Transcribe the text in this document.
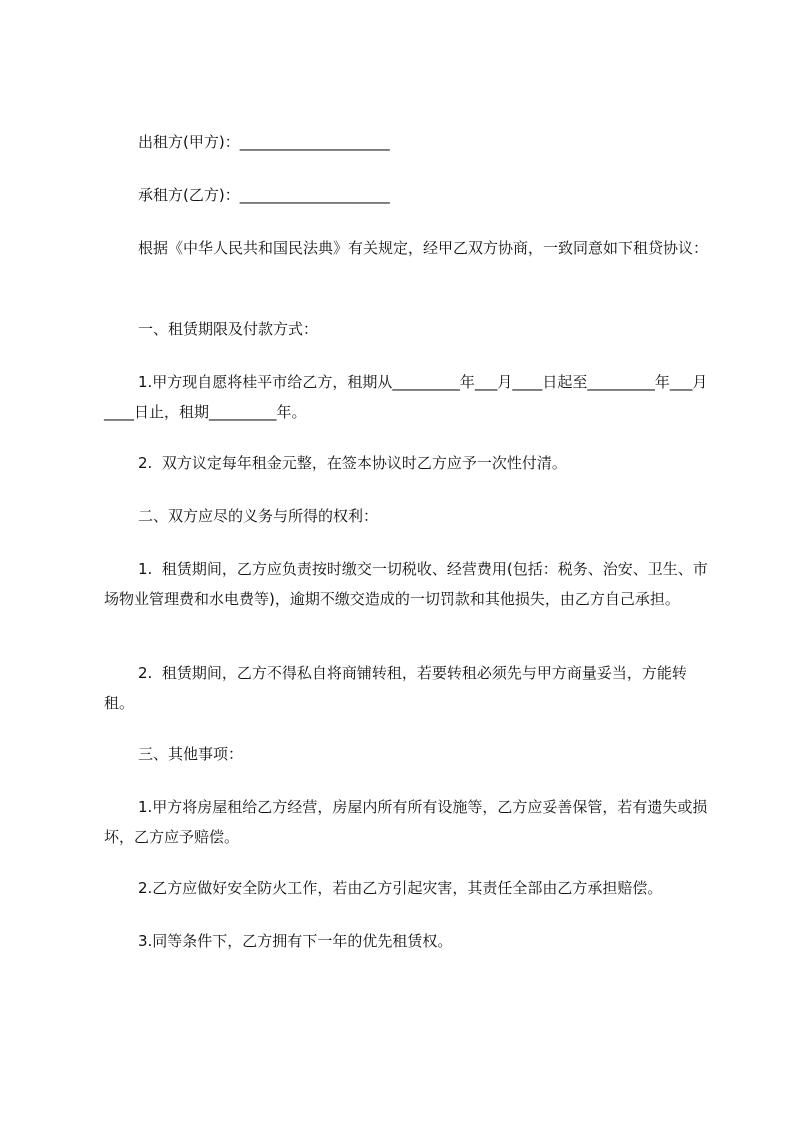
出租方(甲方)：____________________

承租方(乙方)：____________________

根据《中华人民共和国民法典》有关规定，经甲乙双方协商，一致同意如下租贷协议：

一、租赁期限及付款方式：

1.甲方现自愿将桂平市给乙方，租期从_________年___月____日起至_________年___月____日止，租期_________年。

2.  双方议定每年租金元整，在签本协议时乙方应予一次性付清。

二、双方应尽的义务与所得的权利：

1.  租赁期间，乙方应负责按时缴交一切税收、经营费用(包括：税务、治安、卫生、市场物业管理费和水电费等)，逾期不缴交造成的一切罚款和其他损失，由乙方自己承担。

2.  租赁期间，乙方不得私自将商铺转租，若要转租必须先与甲方商量妥当，方能转租。

三、其他事项：

1.甲方将房屋租给乙方经营，房屋内所有所有设施等，乙方应妥善保管，若有遗失或损坏，乙方应予赔偿。

2.乙方应做好安全防火工作，若由乙方引起灾害，其责任全部由乙方承担赔偿。

3.同等条件下，乙方拥有下一年的优先租赁权。
